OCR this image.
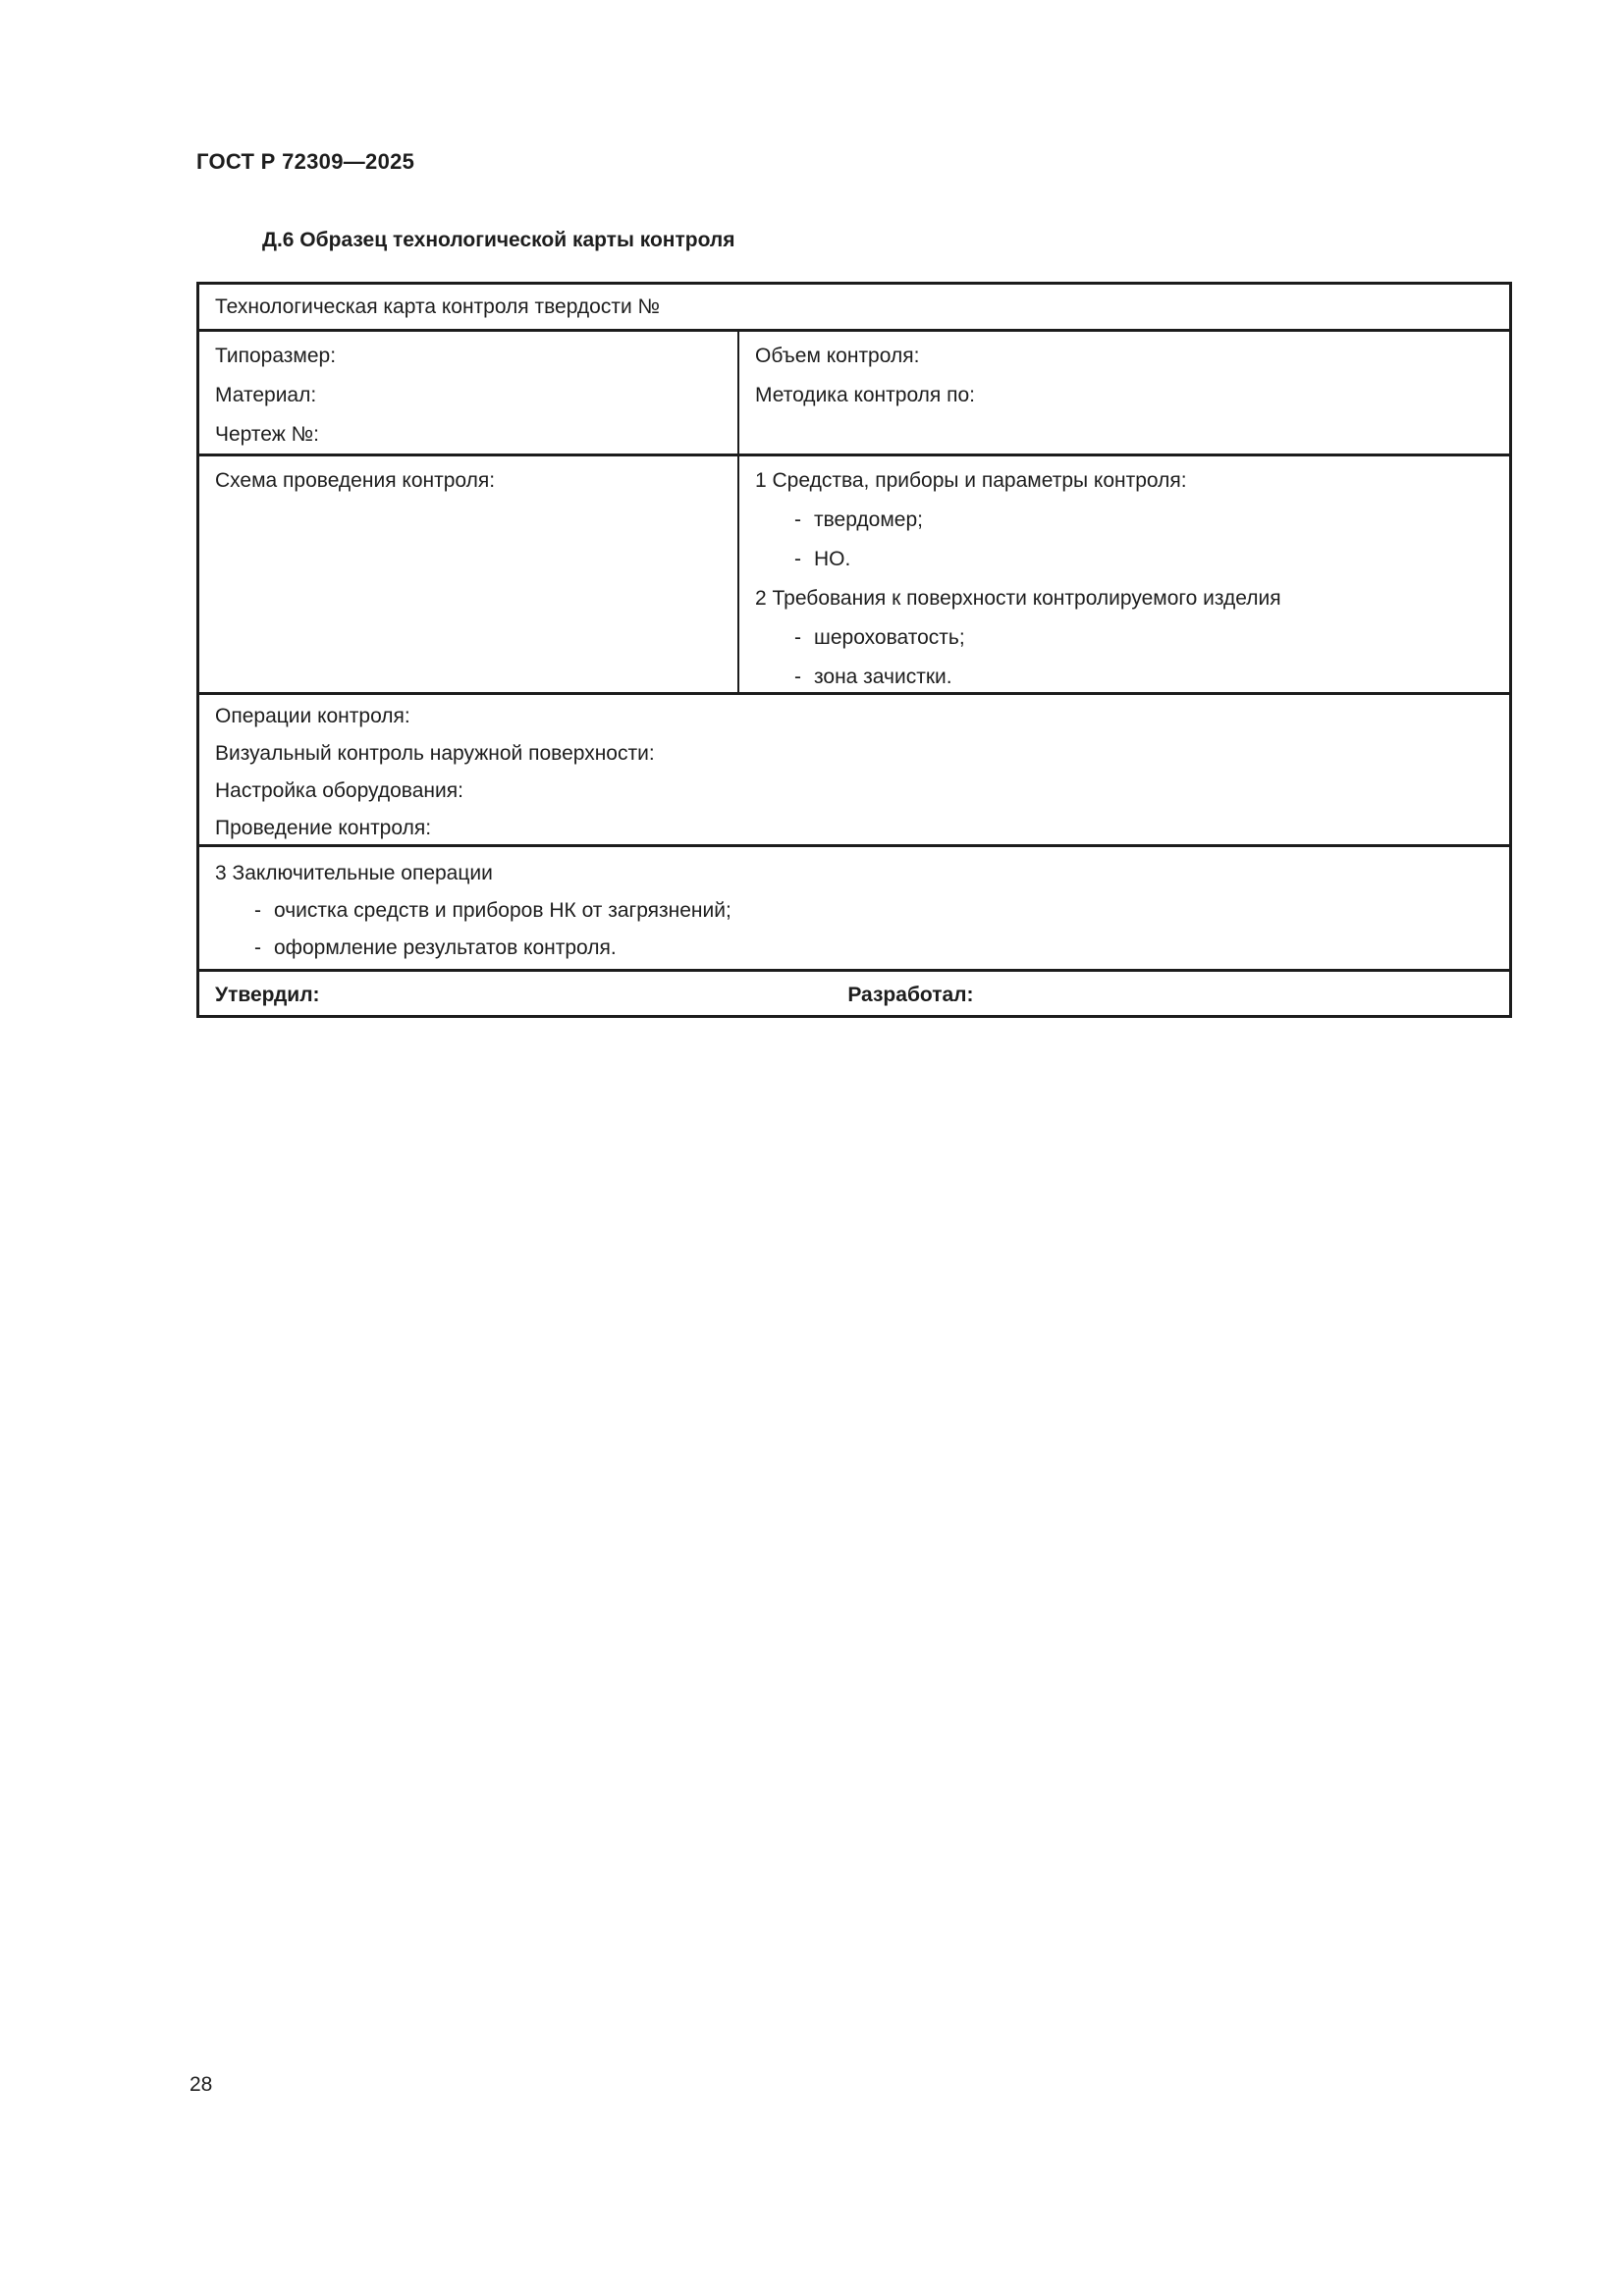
ГОСТ Р 72309—2025
Д.6 Образец технологической карты контроля
Технологическая карта контроля твердости №
Типоразмер:
Материал:
Чертеж №:
Объем контроля:
Методика контроля по:
Схема проведения контроля:	1 Средства, приборы и параметры контроля:
- твердомер;
- НО.
2 Требования к поверхности контролируемого изделия
- шероховатость;
- зона зачистки.
Операции контроля:
Визуальный контроль наружной поверхности:
Настройка оборудования:
Проведение контроля:
3 Заключительные операции
- очистка средств и приборов НК от загрязнений;
- оформление результатов контроля.
Утвердил:	Разработал:
28
